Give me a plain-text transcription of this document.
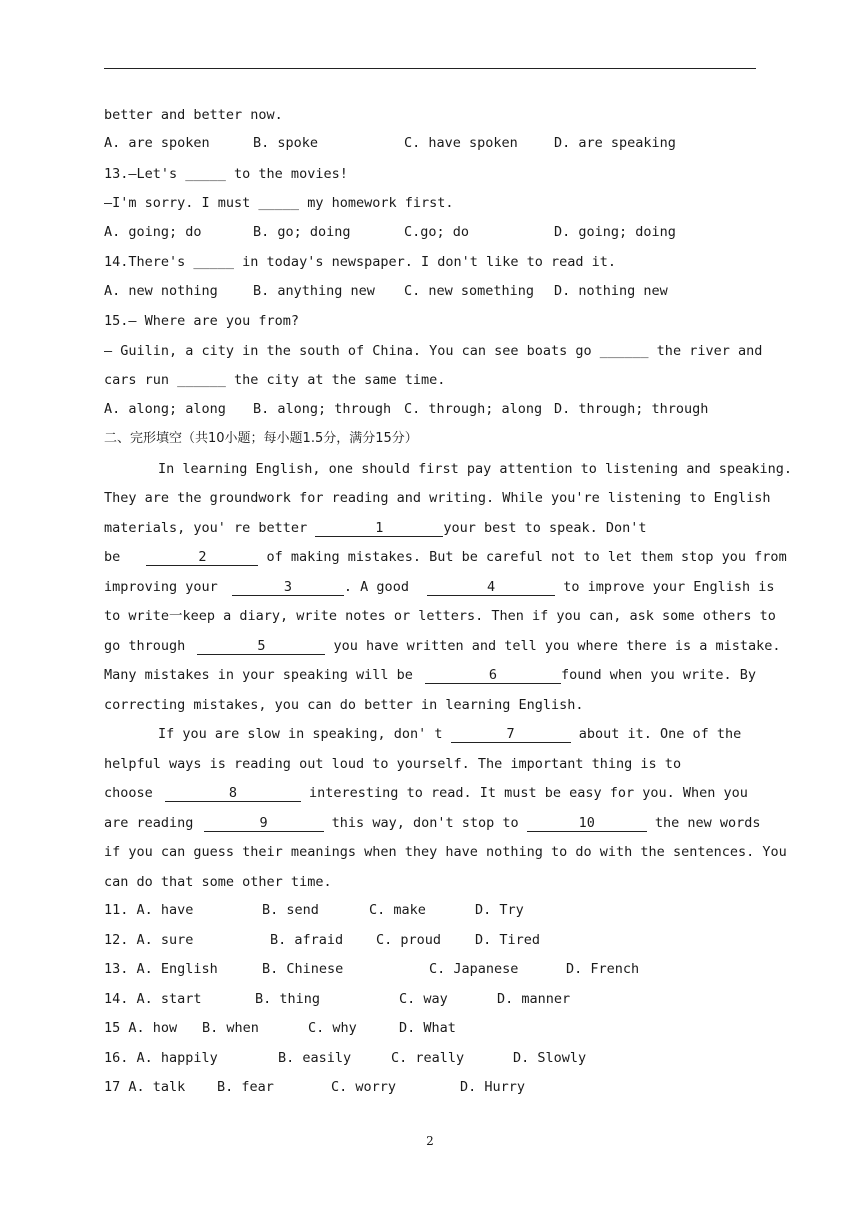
better and better now.
A. are spoken	B. spoke	C. have spoken	D. are speaking
13.—Let's _____ to the movies!
—I'm sorry. I must _____ my homework first.
A. going; do	B. go; doing	C.go; do	D. going; doing
14.There's _____ in today's newspaper. I don't like to read it.
A. new nothing	B. anything new C. new something D. nothing new
15.— Where are you from?
— Guilin, a city in the south of China. You can see boats go ______ the river and
cars run ______ the city at the same time.
A. along; along B. along; through C. through; along D. through; through
二、完形填空（共10小题；每小题1.5分，满分15分）
In learning English, one should first pay attention to listening and speaking.
They are the groundwork for reading and writing. While you're listening to English
materials, you' re better	1	your best to speak. Don't
be	2	of making mistakes. But be careful not to let them stop you from
improving your	3	. A good	4	to improve your English is
to write一keep a diary, write notes or letters. Then if you can, ask some others to
go through	5	you have written and tell you where there is a mistake.
Many mistakes in your speaking will be	6	found when you write. By
correcting mistakes, you can do better in learning English.
If you are slow in speaking, don' t	7	about it. One of the
helpful ways is reading out loud to yourself. The important thing is to
choose	8	interesting to read. It must be easy for you. When you
are reading	9	this way, don't stop to	10	the new words
if you can guess their meanings when they have nothing to do with the sentences. You
can do that some other time.
11. A. have	B. send	C. make	D. Try
12. A. sure	B. afraid C. proud	D. Tired
13. A. English	B. Chinese	C. Japanese	D. French
14. A. start	B. thing	C. way	D. manner
15 A. how B. when	C. why	D. What
16. A. happily	B. easily	C. really	D. Slowly
17 A. talk B. fear	C. worry	D. Hurry
2
